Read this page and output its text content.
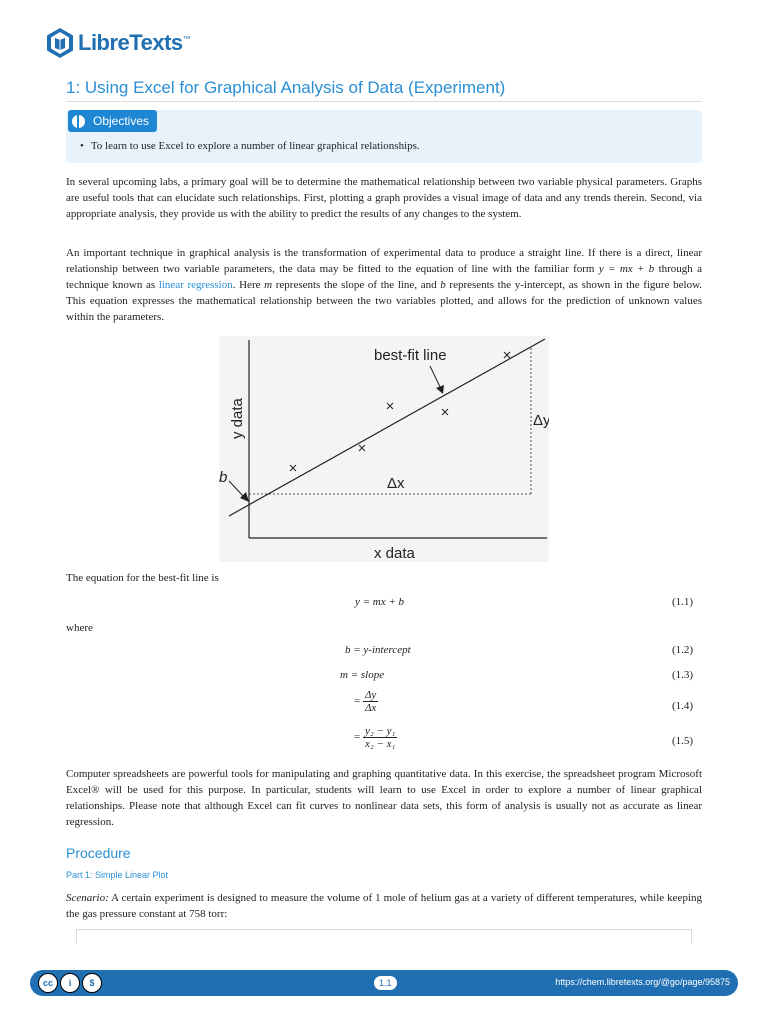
LibreTexts™
1: Using Excel for Graphical Analysis of Data (Experiment)
Objectives
• To learn to use Excel to explore a number of linear graphical relationships.

In several upcoming labs, a primary goal will be to determine the mathematical relationship between two variable physical parameters. Graphs are useful tools that can elucidate such relationships. First, plotting a graph provides a visual image of data and any trends therein. Second, via appropriate analysis, they provide us with the ability to predict the results of any changes to the system.

An important technique in graphical analysis is the transformation of experimental data to produce a straight line. If there is a direct, linear relationship between two variable parameters, the data may be fitted to the equation of line with the familiar form y = mx + b through a technique known as linear regression. Here m represents the slope of the line, and b represents the y-intercept, as shown in the figure below. This equation expresses the mathematical relationship between the two variables plotted, and allows for the prediction of unknown values within the parameters.

best-fit line
y data
x data
b	Δx
Δy
The equation for the best-fit line is
y = mx + b	(1.1)
where
b = y-intercept	(1.2)
m = slope	(1.3)
= $\frac{\Delta y}{\Delta x}$	(1.4)
= $\frac{\text{y₂ − y₁}}{\text{x₂ − x₁}}$	(1.5)

Computer spreadsheets are powerful tools for manipulating and graphing quantitative data. In this exercise, the spreadsheet program Microsoft Excel® will be used for this purpose. In particular, students will learn to use Excel in order to explore a number of linear graphical relationships. Please note that although Excel can fit curves to nonlinear data sets, this form of analysis is usually not as accurate as linear regression.

Procedure
Part 1: Simple Linear Plot

Scenario: A certain experiment is designed to measure the volume of 1 mole of helium gas at a variety of different temperatures, while keeping the gas pressure constant at 758 torr:

cc	i	$	1.1	https://chem.libretexts.org/@go/page/95875
